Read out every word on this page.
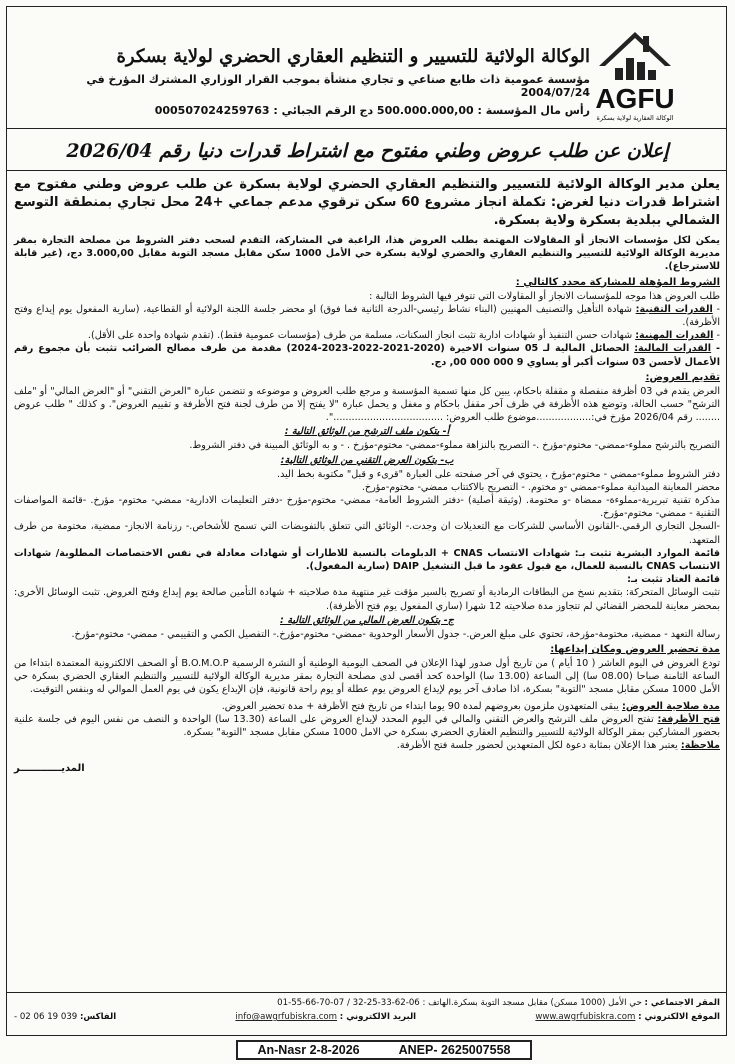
AGFU
الوكالة العقارية لولاية بسكرة
الوكالة الولائية للتسيير و التنظيم العقاري الحضري لولاية بسكرة
مؤسسة عمومية ذات طابع صناعي و تجاري منشأة بموجب القرار الوزاري المشترك المؤرخ في 2004/07/24
رأس مال المؤسسة : 500.000.000,00 دج الرقم الجبائي : 000507024259763
إعلان عن طلب عروض وطني مفتوح مع اشتراط قدرات دنيا رقم 2026/04

يعلن مدير الوكالة الولائية للتسيير والتنظيم العقاري الحضري لولاية بسكرة عن طلب عروض وطني مفتوح مع اشتراط قدرات دنيا لغرض: تكملة انجاز مشروع 60 سكن ترقوي مدعم جماعي +24 محل تجاري بمنطقة التوسع الشمالي ببلدية بسكرة ولاية بسكرة.

يمكن لكل مؤسسات الانجاز أو المقاولات المهتمة بطلب العروض هذا، الراغبة في المشاركة، التقدم لسحب دفتر الشروط من مصلحة التجارة بمقر مديرية الوكالة الولائية للتسيير والتنظيم العقاري والحضري لولاية بسكرة حي الأمل 1000 سكن مقابل مسجد التوبة مقابل 3.000,00 دج، (غير قابلة للاسترجاع).

الشروط المؤهلة للمشاركة محدد كالتالي :

طلب العروض هذا موجه للمؤسسات الانجاز أو المقاولات التي تتوفر فيها الشروط التالية :

- القدرات التقنية: شهادة التأهيل والتصنيف المهنيين (البناء نشاط رئيسي-الدرجة الثانية فما فوق) او محضر جلسة اللجنة الولائية أو القطاعية، (سارية المفعول يوم إيداع وفتح الأظرفة).

- القدرات المهنية: شهادات حسن التنفيذ أو شهادات ادارية تثبت انجاز السكنات، مسلمة من طرف (مؤسسات عمومية فقط). (تقدم شهادة واحدة على الأقل).

- القدرات المالية: الحصائل المالية لـ 05 سنوات الاخيرة (2020-2021-2022-2023-2024) مقدمة من طرف مصالح الضرائب تثبت بأن مجموع رقم الأعمال لأحسن 03 سنوات أكبر أو يساوي 9 000 000 00, دج.

تقديم العروض:

العرض يقدم في 03 أظرفة منفصلة و مقفلة باحكام، يبين كل منها تسمية المؤسسة و مرجع طلب العروض و موضوعه و تتضمن عبارة "العرض التقني" أو "العرض المالي" أو "ملف الترشح" حسب الحالة، وتوضع هذه الأظرفة في ظرف آخر مقفل باحكام و مغفل و يحمل عبارة "لا يفتح إلا من طرف لجنة فتح الأظرفة و تقييم العروض". و كذلك " طلب عروض ........ رقم 2026/04 مؤرخ في:..................موضوع طلب العروض: ....................................".

أ- يتكون ملف الترشح من الوثائق التالية :

التصريح بالترشح مملوء-ممضي- مختوم-مؤرخ .- التصريح بالنزاهة مملوء-ممضي- مختوم-مؤرخ . - و به الوثائق المبينة في دفتر الشروط.

ب- يتكون العرض التقني من الوثائق التالية:

دفتر الشروط مملوء-ممضي - مختوم-مؤرخ ، يحتوي في آخر صفحته على العبارة "قرىء و قبل" مكتوبة بخط اليد.

محضر المعاينة الميدانية مملوء-ممضي -و مختوم. - التصريح بالاكتتاب ممضي- مختوم-مؤرخ.

مذكرة تقنية تبريرية-مملوءة- ممضاة -و مختومة. (وثيقة أصلية) -دفتر الشروط العامة- ممضي- مختوم-مؤرخ -دفتر التعليمات الادارية- ممضي- مختوم- مؤرخ. -قائمة المواصفات التقنية - ممضي- مختوم-مؤرخ.

-السجل التجاري الرقمي.-القانون الأساسي للشركات مع التعديلات ان وجدت.- الوثائق التي تتعلق بالتفويضات التي تسمح للأشخاص.- رزنامة الانجاز- ممضية، مختومة من طرف المتعهد.

قائمة الموارد البشرية تثبت بـ: شهادات الانتساب CNAS + الدبلومات بالنسبة للاطارات أو شهادات معادلة في نفس الاختصاصات المطلوبة/ شهادات الانتساب CNAS بالنسبة للعمال، مع قبول عقود ما قبل التشغيل DAIP (سارية المفعول).

قائمة العتاد تثبت بـ:

تثبت الوسائل المتحركة: بتقديم نسخ من البطاقات الرمادية أو تصريح بالسير مؤقت غير منتهية مدة صلاحيته + شهادة التأمين صالحة يوم إيداع وفتح العروض. تثبت الوسائل الأخرى: بمحضر معاينة للمحضر القضائي لم تتجاوز مدة صلاحيته 12 شهرا (ساري المفعول يوم فتح الأظرفة).

ج- يتكون العرض المالي من الوثائق التالية :

رسالة التعهد - ممضية، مختومة-مؤرخة، تحتوي على مبلغ العرض.- جدول الأسعار الوحدوية -ممضي- مختوم-مؤرخ.- التفصيل الكمي و التقييمي - ممضي- مختوم-مؤرخ.

مدة تحضير العروض ومكان إيداعها:

تودع العروض في اليوم العاشر ( 10 أيام ) من تاريخ أول صدور لهذا الإعلان في الصحف اليومية الوطنية أو النشرة الرسمية B.O.M.O.P أو الصحف الالكترونية المعتمدة ابتداءا من الساعة الثامنة صباحا (08.00 سا) إلى الساعة (13.00 سا) الواحدة كحد أقصى لدى مصلحة التجارة بمقر مديرية الوكالة الولائية للتسيير والتنظيم العقاري الحضري بسكرة حي الأمل 1000 مسكن مقابل مسجد "التوبة" بسكرة، اذا صادف آخر يوم لإيداع العروض يوم عطلة أو يوم راحة قانونية، فإن الإيداع يكون في يوم العمل الموالي له وبنفس التوقيت.

مدة صلاحية العروض: يبقى المتعهدون ملزمون بعروضهم لمدة 90 يوما ابتداء من تاريخ فتح الأظرفة + مدة تحضير العروض.

فتح الأظرفة: تفتح العروض ملف الترشح والعرض التقني والمالي في اليوم المحدد لإيداع العروض على الساعة (13.30 سا) الواحدة و النصف من نفس اليوم في جلسة علنية بحضور المشاركين بمقر الوكالة الولائية للتسيير والتنظيم العقاري الحضري بسكرة حي الامل 1000 مسكن مقابل مسجد "التوبة" بسكرة.

ملاحظة: يعتبر هذا الإعلان بمثابة دعوة لكل المتعهدين لحضور جلسة فتح الأظرفة.

المديــــــــــــر
المقر الاجتماعي : حي الأمل (1000 مسكن) مقابل مسجد التوبة بسكرة.الهاتف : 06-62-33-25-32 / 07-70-66-55-01
الموقع الالكتروني : www.awgrfubiskra.com
البريد الالكتروني : info@awgrfubiskra.com
الفاكس: 039 19 06 02 -
An-Nasr 2-8-2026	ANEP- 2625007558
